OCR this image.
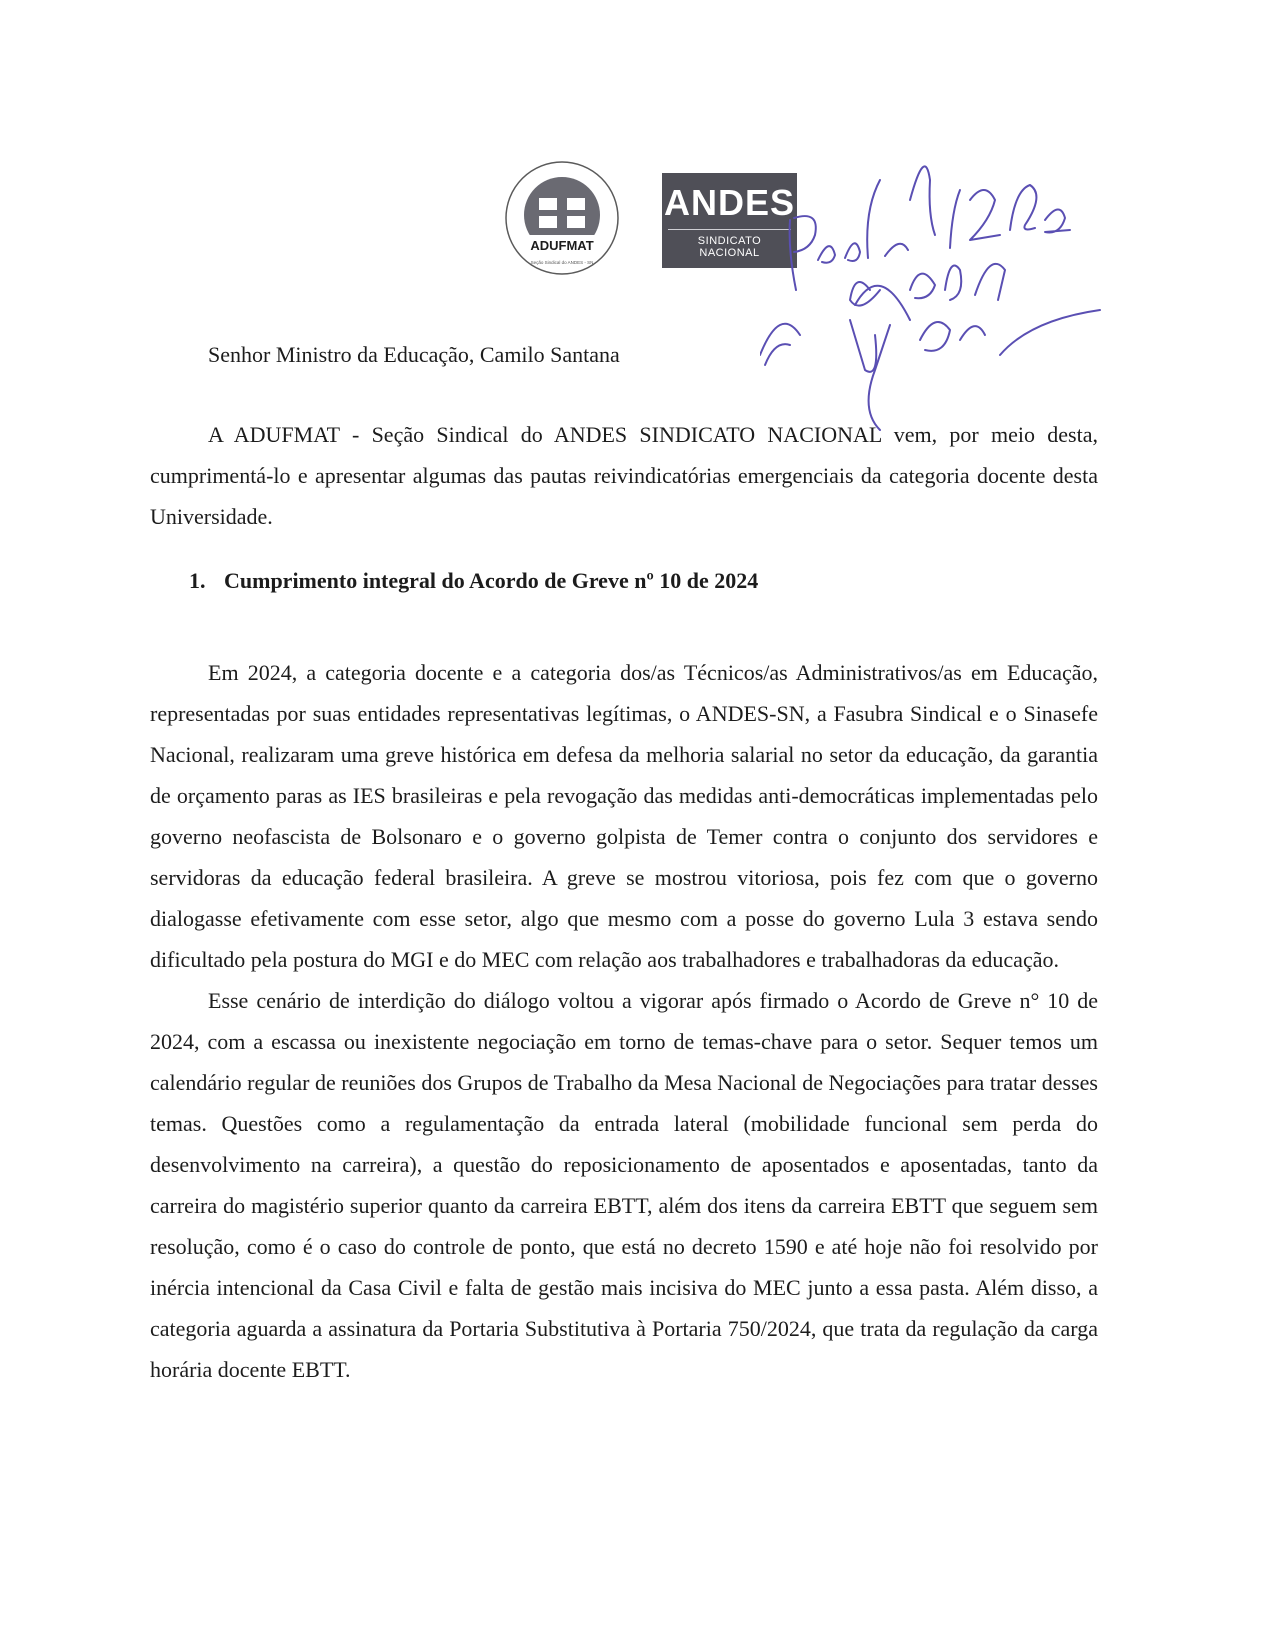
ADUFMAT
Seção Sindical do ANDES - SN
ANDES
SINDICATO NACIONAL
Senhor Ministro da Educação, Camilo Santana

A ADUFMAT - Seção Sindical do ANDES SINDICATO NACIONAL vem, por meio desta, cumprimentá-lo e apresentar algumas das pautas reivindicatórias emergenciais da categoria docente desta Universidade.

1. Cumprimento integral do Acordo de Greve nº 10 de 2024

Em 2024, a categoria docente e a categoria dos/as Técnicos/as Administrativos/as em Educação, representadas por suas entidades representativas legítimas, o ANDES-SN, a Fasubra Sindical e o Sinasefe Nacional, realizaram uma greve histórica em defesa da melhoria salarial no setor da educação, da garantia de orçamento paras as IES brasileiras e pela revogação das medidas anti-democráticas implementadas pelo governo neofascista de Bolsonaro e o governo golpista de Temer contra o conjunto dos servidores e servidoras da educação federal brasileira. A greve se mostrou vitoriosa, pois fez com que o governo dialogasse efetivamente com esse setor, algo que mesmo com a posse do governo Lula 3 estava sendo dificultado pela postura do MGI e do MEC com relação aos trabalhadores e trabalhadoras da educação.

Esse cenário de interdição do diálogo voltou a vigorar após firmado o Acordo de Greve n° 10 de 2024, com a escassa ou inexistente negociação em torno de temas-chave para o setor. Sequer temos um calendário regular de reuniões dos Grupos de Trabalho da Mesa Nacional de Negociações para tratar desses temas. Questões como a regulamentação da entrada lateral (mobilidade funcional sem perda do desenvolvimento na carreira), a questão do reposicionamento de aposentados e aposentadas, tanto da carreira do magistério superior quanto da carreira EBTT, além dos itens da carreira EBTT que seguem sem resolução, como é o caso do controle de ponto, que está no decreto 1590 e até hoje não foi resolvido por inércia intencional da Casa Civil e falta de gestão mais incisiva do MEC junto a essa pasta. Além disso, a categoria aguarda a assinatura da Portaria Substitutiva à Portaria 750/2024, que trata da regulação da carga horária docente EBTT.
